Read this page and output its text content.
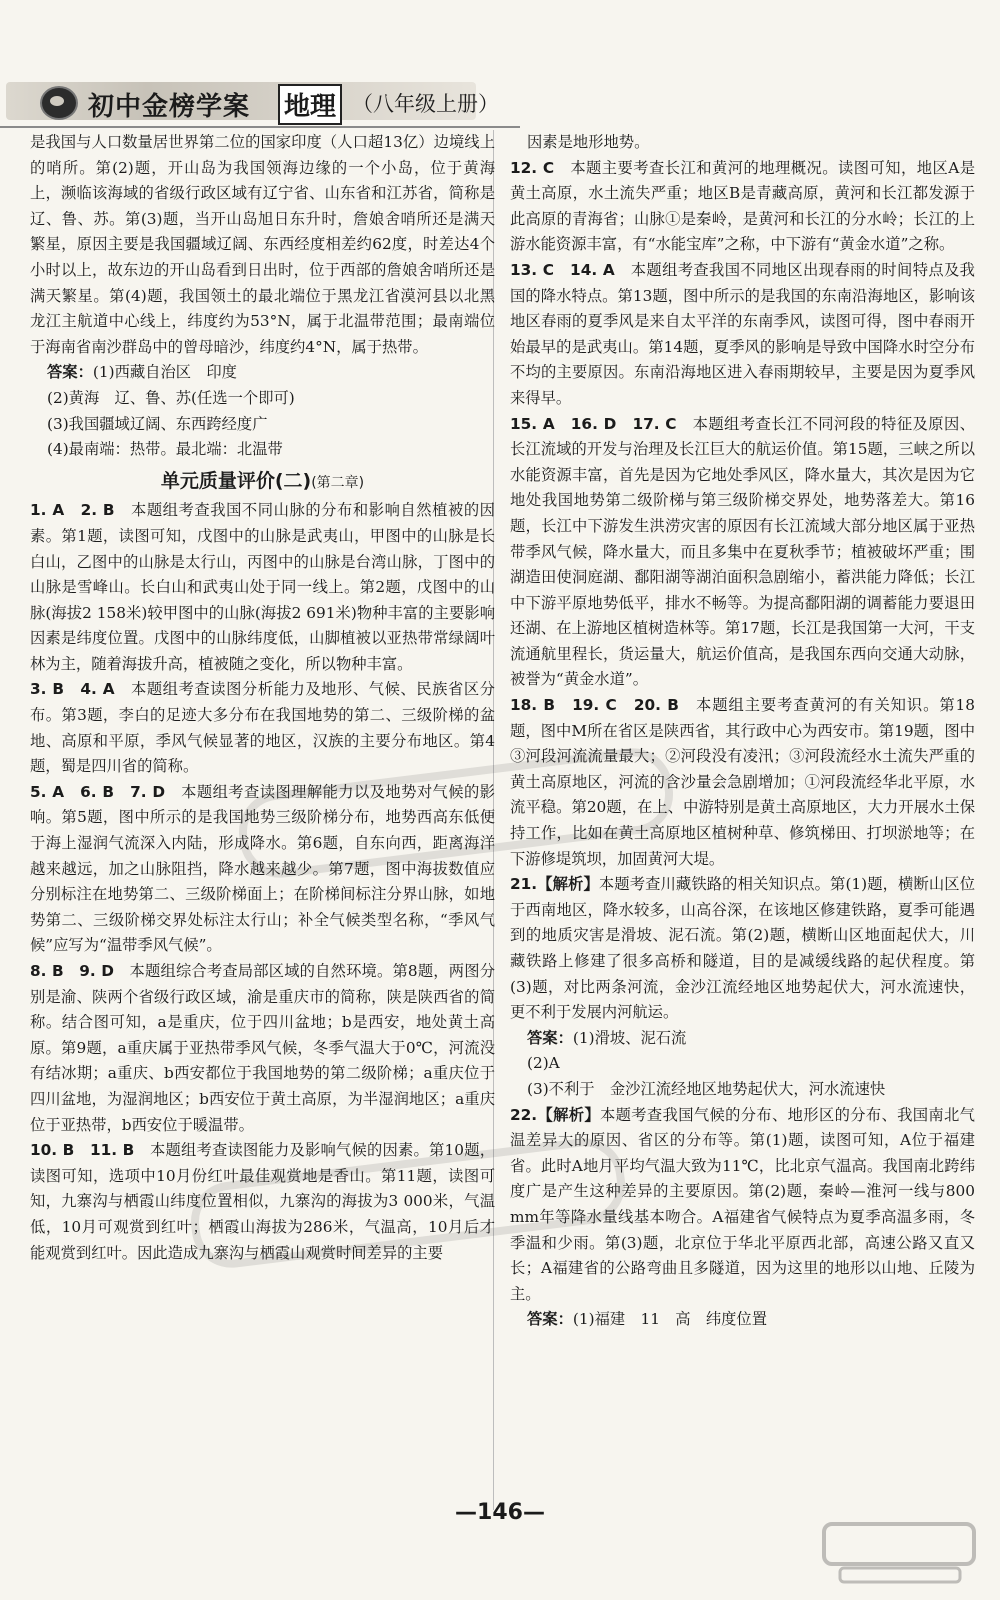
初中金榜学案 地理 （八年级上册）

是我国与人口数量居世界第二位的国家印度（人口超13亿）边境线上的哨所。第(2)题，开山岛为我国领海边缘的一个小岛，位于黄海上，濒临该海域的省级行政区域有辽宁省、山东省和江苏省，简称是辽、鲁、苏。第(3)题，当开山岛旭日东升时，詹娘舍哨所还是满天繁星，原因主要是我国疆域辽阔、东西经度相差约62度，时差达4个小时以上，故东边的开山岛看到日出时，位于西部的詹娘舍哨所还是满天繁星。第(4)题，我国领土的最北端位于黑龙江省漠河县以北黑龙江主航道中心线上，纬度约为53°N，属于北温带范围；最南端位于海南省南沙群岛中的曾母暗沙，纬度约4°N，属于热带。

答案：(1)西藏自治区　印度

(2)黄海　辽、鲁、苏(任选一个即可)

(3)我国疆域辽阔、东西跨经度广

(4)最南端：热带。最北端：北温带

单元质量评价(二)(第二章)

1. A　2. B　 本题组考查我国不同山脉的分布和影响自然植被的因素。第1题，读图可知，戊图中的山脉是武夷山，甲图中的山脉是长白山，乙图中的山脉是太行山，丙图中的山脉是台湾山脉，丁图中的山脉是雪峰山。长白山和武夷山处于同一线上。第2题，戊图中的山脉(海拔2 158米)较甲图中的山脉(海拔2 691米)物种丰富的主要影响因素是纬度位置。戊图中的山脉纬度低，山脚植被以亚热带常绿阔叶林为主，随着海拔升高，植被随之变化，所以物种丰富。

3. B　4. A　 本题组考查读图分析能力及地形、气候、民族省区分布。第3题，李白的足迹大多分布在我国地势的第二、三级阶梯的盆地、高原和平原，季风气候显著的地区，汉族的主要分布地区。第4题，蜀是四川省的简称。

5. A　6. B　7. D　 本题组考查读图理解能力以及地势对气候的影响。第5题，图中所示的是我国地势三级阶梯分布，地势西高东低便于海上湿润气流深入内陆，形成降水。第6题，自东向西，距离海洋越来越远，加之山脉阻挡，降水越来越少。第7题，图中海拔数值应分别标注在地势第二、三级阶梯面上；在阶梯间标注分界山脉，如地势第二、三级阶梯交界处标注太行山；补全气候类型名称，“季风气候”应写为“温带季风气候”。

8. B　9. D　 本题组综合考查局部区域的自然环境。第8题，两图分别是渝、陕两个省级行政区域，渝是重庆市的简称，陕是陕西省的简称。结合图可知，a是重庆，位于四川盆地；b是西安，地处黄土高原。第9题，a重庆属于亚热带季风气候，冬季气温大于0℃，河流没有结冰期；a重庆、b西安都位于我国地势的第二级阶梯；a重庆位于四川盆地，为湿润地区；b西安位于黄土高原，为半湿润地区；a重庆位于亚热带，b西安位于暖温带。

10. B　11. B　 本题组考查读图能力及影响气候的因素。第10题，读图可知，选项中10月份红叶最佳观赏地是香山。第11题，读图可知，九寨沟与栖霞山纬度位置相似，九寨沟的海拔为3 000米，气温低，10月可观赏到红叶；栖霞山海拔为286米，气温高，10月后才能观赏到红叶。因此造成九寨沟与栖霞山观赏时间差异的主要

因素是地形地势。

12. C　 本题主要考查长江和黄河的地理概况。读图可知，地区A是黄土高原，水土流失严重；地区B是青藏高原，黄河和长江都发源于此高原的青海省；山脉①是秦岭，是黄河和长江的分水岭；长江的上游水能资源丰富，有“水能宝库”之称，中下游有“黄金水道”之称。

13. C　14. A　 本题组考查我国不同地区出现春雨的时间特点及我国的降水特点。第13题，图中所示的是我国的东南沿海地区，影响该地区春雨的夏季风是来自太平洋的东南季风，读图可得，图中春雨开始最早的是武夷山。第14题，夏季风的影响是导致中国降水时空分布不均的主要原因。东南沿海地区进入春雨期较早，主要是因为夏季风来得早。

15. A　16. D　17. C　 本题组考查长江不同河段的特征及原因、长江流域的开发与治理及长江巨大的航运价值。第15题，三峡之所以水能资源丰富，首先是因为它地处季风区，降水量大，其次是因为它地处我国地势第二级阶梯与第三级阶梯交界处，地势落差大。第16题，长江中下游发生洪涝灾害的原因有长江流域大部分地区属于亚热带季风气候，降水量大，而且多集中在夏秋季节；植被破坏严重；围湖造田使洞庭湖、鄱阳湖等湖泊面积急剧缩小，蓄洪能力降低；长江中下游平原地势低平，排水不畅等。为提高鄱阳湖的调蓄能力要退田还湖、在上游地区植树造林等。第17题，长江是我国第一大河，干支流通航里程长，货运量大，航运价值高，是我国东西向交通大动脉，被誉为“黄金水道”。

18. B　19. C　20. B　 本题组主要考查黄河的有关知识。第18题，图中M所在省区是陕西省，其行政中心为西安市。第19题，图中③河段河流流量最大；②河段没有凌汛；③河段流经水土流失严重的黄土高原地区，河流的含沙量会急剧增加；①河段流经华北平原，水流平稳。第20题，在上、中游特别是黄土高原地区，大力开展水土保持工作，比如在黄土高原地区植树种草、修筑梯田、打坝淤地等；在下游修堤筑坝，加固黄河大堤。

21.【解析】本题考查川藏铁路的相关知识点。第(1)题，横断山区位于西南地区，降水较多，山高谷深，在该地区修建铁路，夏季可能遇到的地质灾害是滑坡、泥石流。第(2)题，横断山区地面起伏大，川藏铁路上修建了很多高桥和隧道，目的是减缓线路的起伏程度。第(3)题，对比两条河流，金沙江流经地区地势起伏大，河水流速快，更不利于发展内河航运。

答案：(1)滑坡、泥石流

(2)A

(3)不利于　金沙江流经地区地势起伏大，河水流速快

22.【解析】本题考查我国气候的分布、地形区的分布、我国南北气温差异大的原因、省区的分布等。第(1)题，读图可知，A位于福建省。此时A地月平均气温大致为11℃，比北京气温高。我国南北跨纬度广是产生这种差异的主要原因。第(2)题，秦岭—淮河一线与800 mm年等降水量线基本吻合。A福建省气候特点为夏季高温多雨，冬季温和少雨。第(3)题，北京位于华北平原西北部，高速公路又直又长；A福建省的公路弯曲且多隧道，因为这里的地形以山地、丘陵为主。

答案：(1)福建　11　高　纬度位置

—146—
